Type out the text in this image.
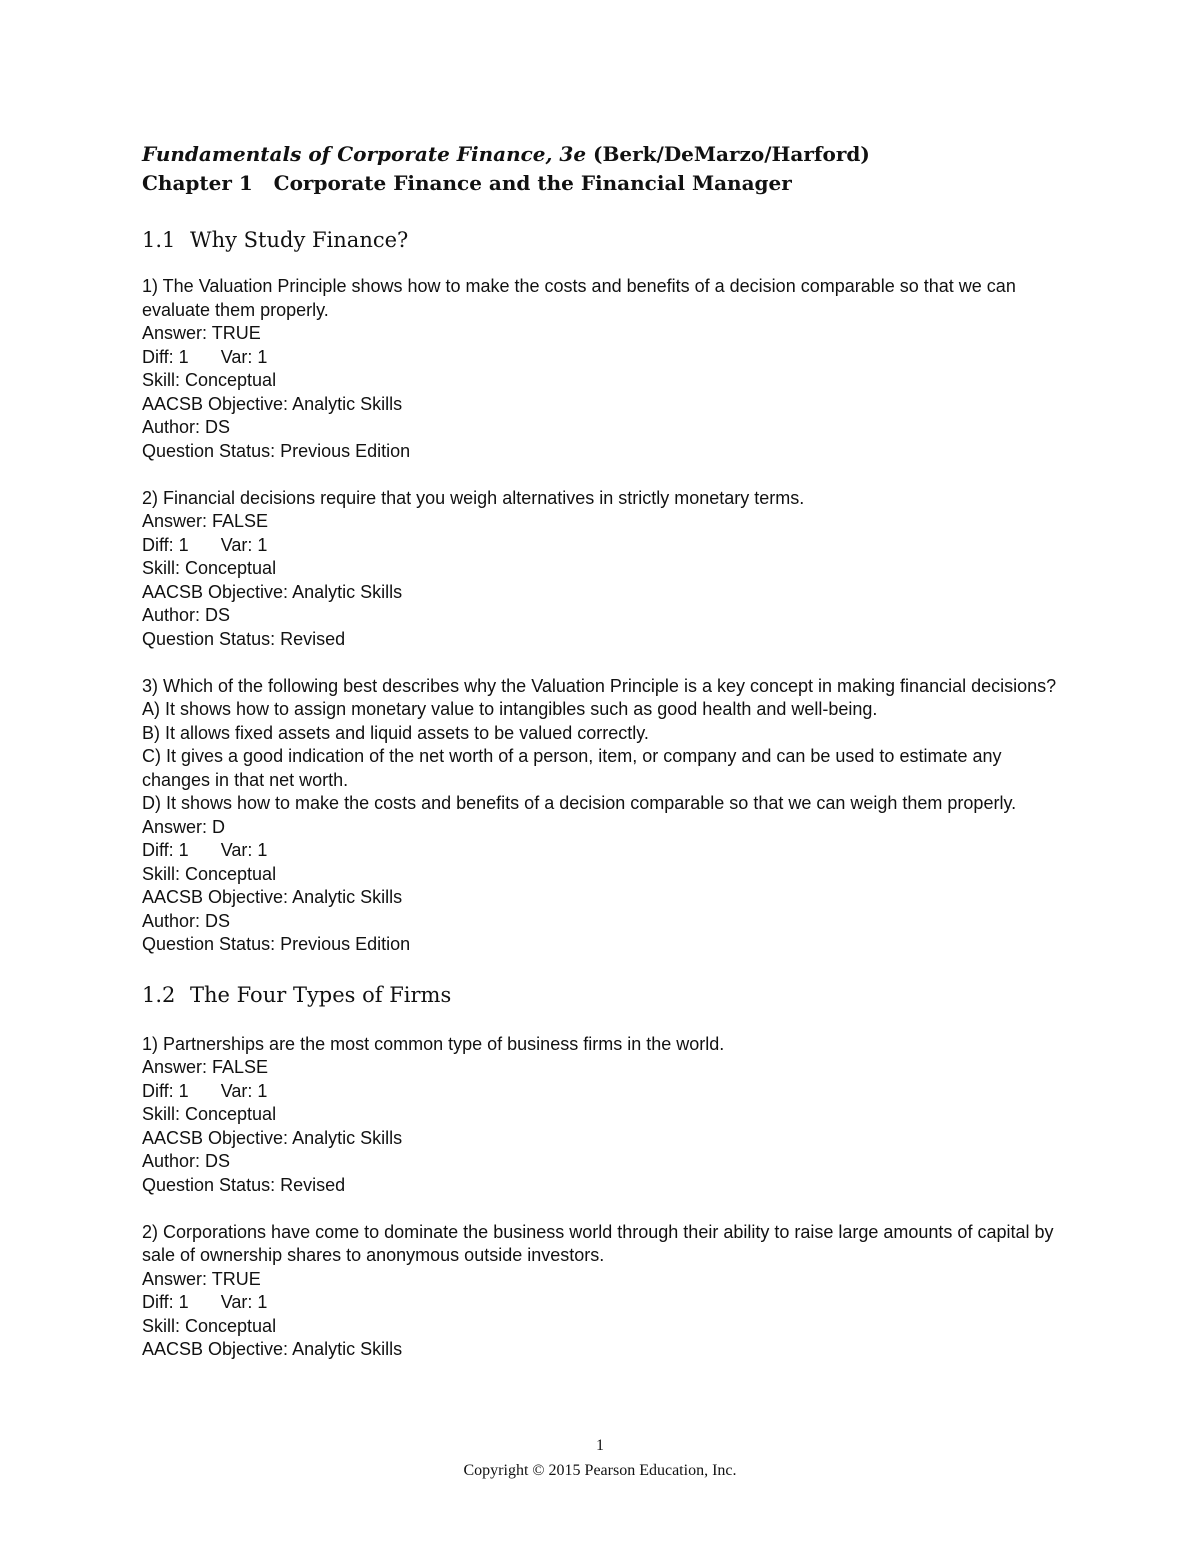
Fundamentals of Corporate Finance, 3e (Berk/DeMarzo/Harford)
Chapter 1   Corporate Finance and the Financial Manager
1.1 Why Study Finance?
1) The Valuation Principle shows how to make the costs and benefits of a decision comparable so that we can evaluate them properly.
Answer: TRUE
Diff: 1 Var: 1
Skill: Conceptual
AACSB Objective: Analytic Skills
Author: DS
Question Status: Previous Edition
2) Financial decisions require that you weigh alternatives in strictly monetary terms.
Answer: FALSE
Diff: 1 Var: 1
Skill: Conceptual
AACSB Objective: Analytic Skills
Author: DS
Question Status: Revised
3) Which of the following best describes why the Valuation Principle is a key concept in making financial decisions?
A) It shows how to assign monetary value to intangibles such as good health and well-being.
B) It allows fixed assets and liquid assets to be valued correctly.
C) It gives a good indication of the net worth of a person, item, or company and can be used to estimate any changes in that net worth.
D) It shows how to make the costs and benefits of a decision comparable so that we can weigh them properly.
Answer: D
Diff: 1 Var: 1
Skill: Conceptual
AACSB Objective: Analytic Skills
Author: DS
Question Status: Previous Edition
1.2 The Four Types of Firms
1) Partnerships are the most common type of business firms in the world.
Answer: FALSE
Diff: 1 Var: 1
Skill: Conceptual
AACSB Objective: Analytic Skills
Author: DS
Question Status: Revised
2) Corporations have come to dominate the business world through their ability to raise large amounts of capital by sale of ownership shares to anonymous outside investors.
Answer: TRUE
Diff: 1 Var: 1
Skill: Conceptual
AACSB Objective: Analytic Skills
1
Copyright © 2015 Pearson Education, Inc.
